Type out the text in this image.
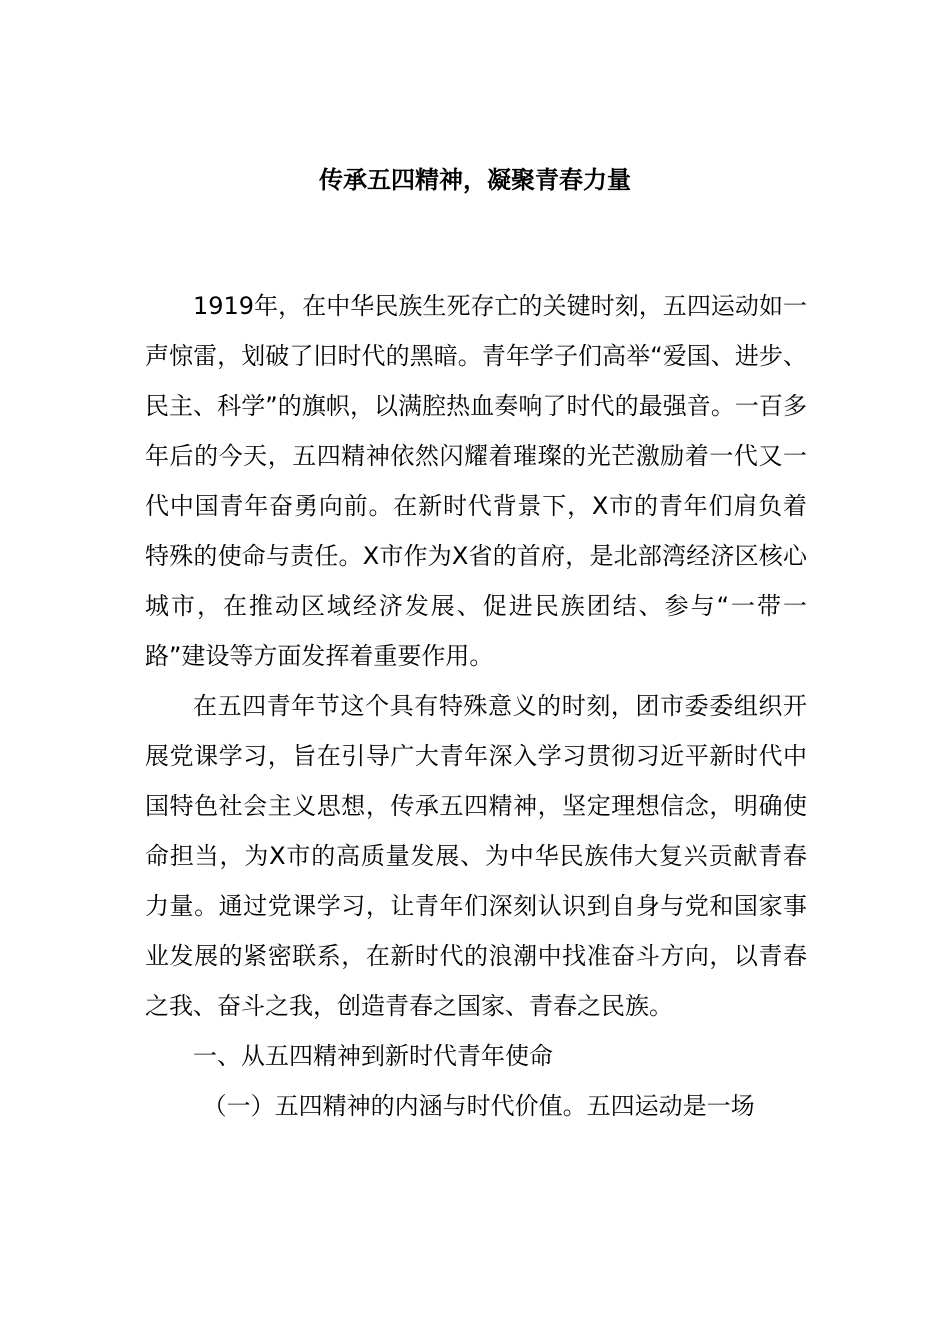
传承五四精神，凝聚青春力量

1919年，在中华民族生死存亡的关键时刻，五四运动如一声惊雷，划破了旧时代的黑暗。青年学子们高举“爱国、进步、民主、科学”的旗帜，以满腔热血奏响了时代的最强音。一百多年后的今天，五四精神依然闪耀着璀璨的光芒激励着一代又一代中国青年奋勇向前。在新时代背景下，X市的青年们肩负着特殊的使命与责任。X市作为X省的首府，是北部湾经济区核心城市，在推动区域经济发展、促进民族团结、参与“一带一路”建设等方面发挥着重要作用。

在五四青年节这个具有特殊意义的时刻，团市委委组织开展党课学习，旨在引导广大青年深入学习贯彻习近平新时代中国特色社会主义思想，传承五四精神，坚定理想信念，明确使命担当，为X市的高质量发展、为中华民族伟大复兴贡献青春力量。通过党课学习，让青年们深刻认识到自身与党和国家事业发展的紧密联系，在新时代的浪潮中找准奋斗方向，以青春之我、奋斗之我，创造青春之国家、青春之民族。

一、从五四精神到新时代青年使命

（一）五四精神的内涵与时代价值。五四运动是一场
